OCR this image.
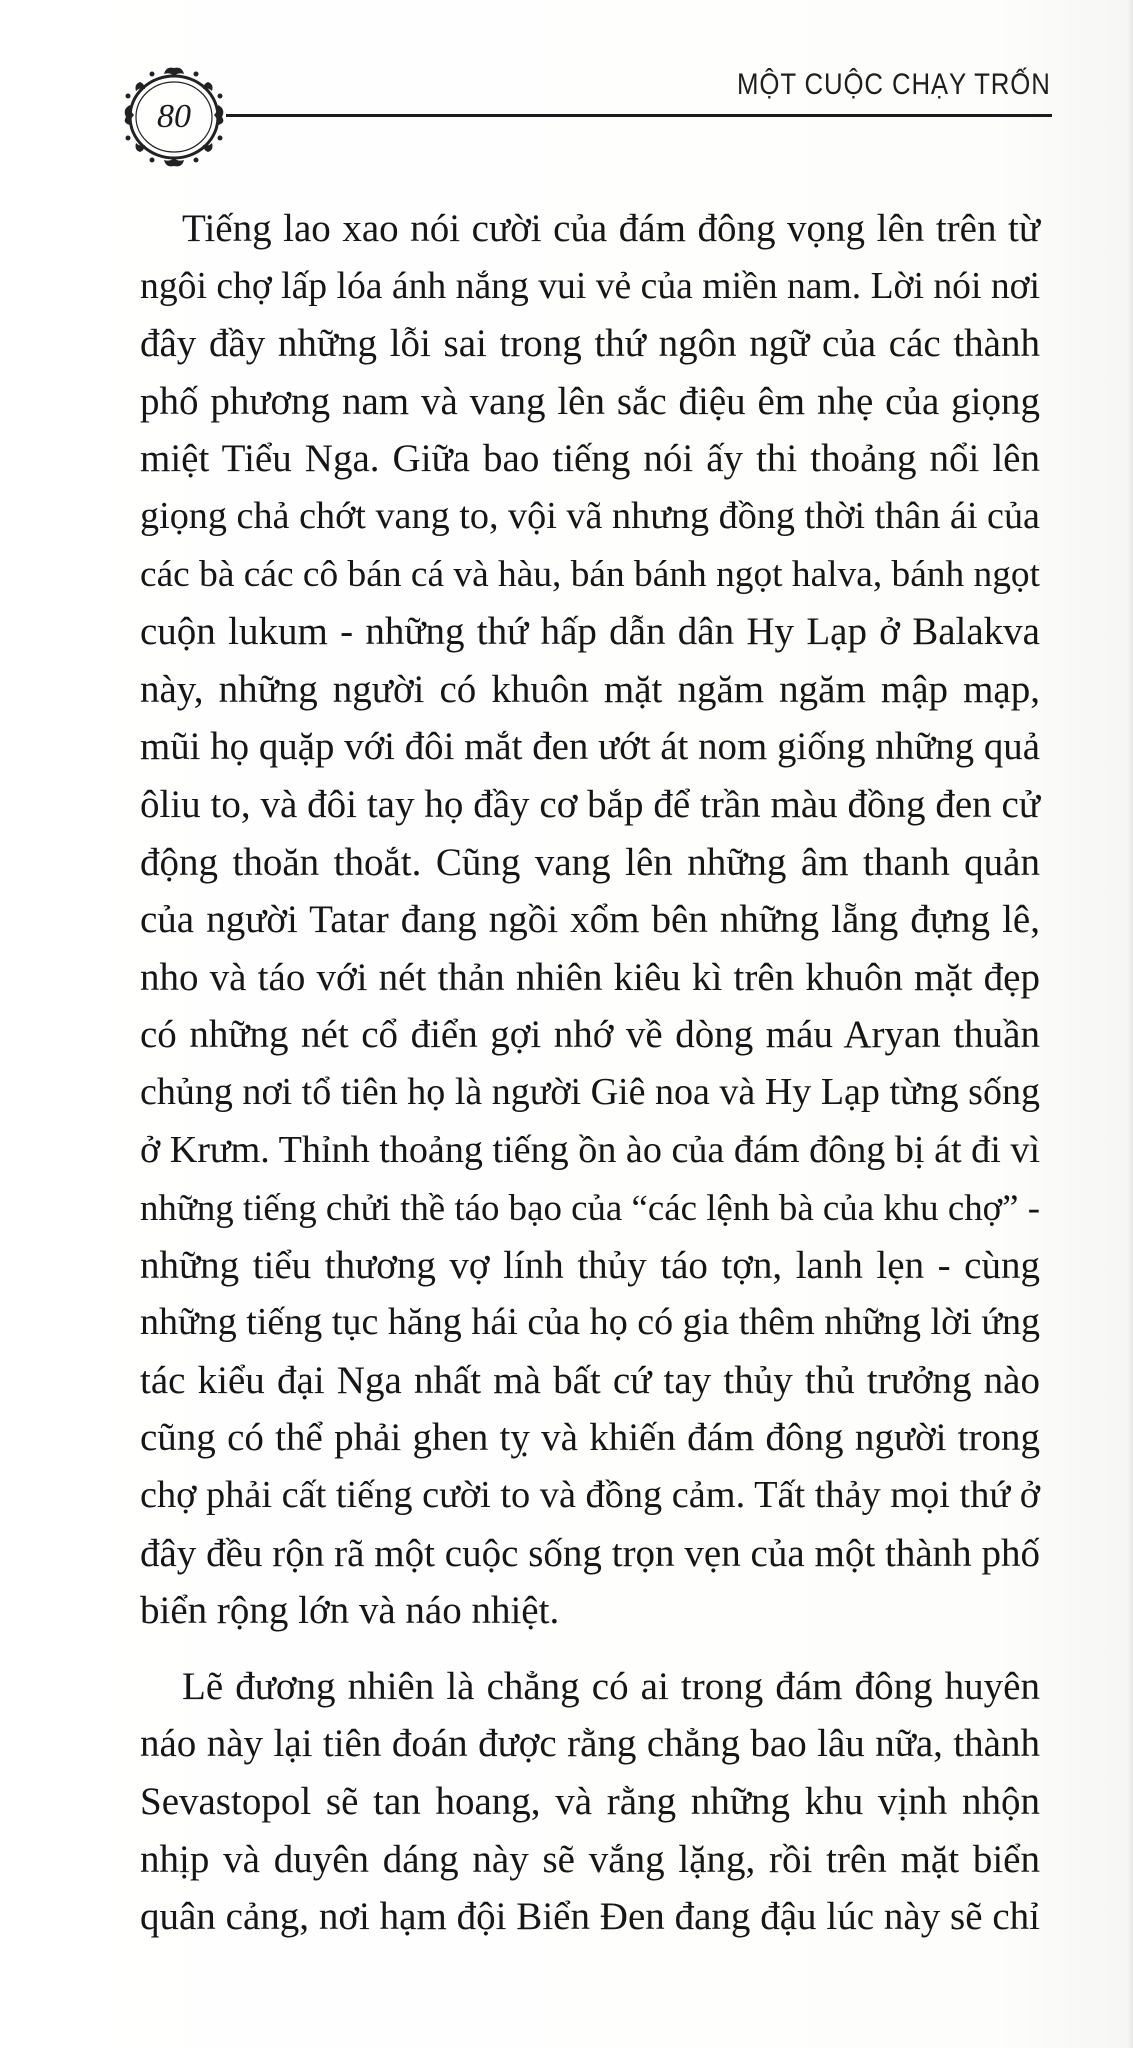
80
MỘT CUỘC CHẠY TRỐN
Tiếng lao xao nói cười của đám đông vọng lên trên từ
ngôi chợ lấp lóa ánh nắng vui vẻ của miền nam. Lời nói nơi
đây đầy những lỗi sai trong thứ ngôn ngữ của các thành
phố phương nam và vang lên sắc điệu êm nhẹ của giọng
miệt Tiểu Nga. Giữa bao tiếng nói ấy thi thoảng nổi lên
giọng chả chớt vang to, vội vã nhưng đồng thời thân ái của
các bà các cô bán cá và hàu, bán bánh ngọt halva, bánh ngọt
cuộn lukum - những thứ hấp dẫn dân Hy Lạp ở Balakva
này, những người có khuôn mặt ngăm ngăm mập mạp,
mũi họ quặp với đôi mắt đen ướt át nom giống những quả
ôliu to, và đôi tay họ đầy cơ bắp để trần màu đồng đen cử
động thoăn thoắt. Cũng vang lên những âm thanh quản
của người Tatar đang ngồi xổm bên những lẵng đựng lê,
nho và táo với nét thản nhiên kiêu kì trên khuôn mặt đẹp
có những nét cổ điển gợi nhớ về dòng máu Aryan thuần
chủng nơi tổ tiên họ là người Giê noa và Hy Lạp từng sống
ở Krưm. Thỉnh thoảng tiếng ồn ào của đám đông bị át đi vì
những tiếng chửi thề táo bạo của “các lệnh bà của khu chợ” -
những tiểu thương vợ lính thủy táo tợn, lanh lẹn - cùng
những tiếng tục hăng hái của họ có gia thêm những lời ứng
tác kiểu đại Nga nhất mà bất cứ tay thủy thủ trưởng nào
cũng có thể phải ghen tỵ và khiến đám đông người trong
chợ phải cất tiếng cười to và đồng cảm. Tất thảy mọi thứ ở
đây đều rộn rã một cuộc sống trọn vẹn của một thành phố
biển rộng lớn và náo nhiệt.
Lẽ đương nhiên là chẳng có ai trong đám đông huyên
náo này lại tiên đoán được rằng chẳng bao lâu nữa, thành
Sevastopol sẽ tan hoang, và rằng những khu vịnh nhộn
nhịp và duyên dáng này sẽ vắng lặng, rồi trên mặt biển
quân cảng, nơi hạm đội Biển Đen đang đậu lúc này sẽ chỉ
